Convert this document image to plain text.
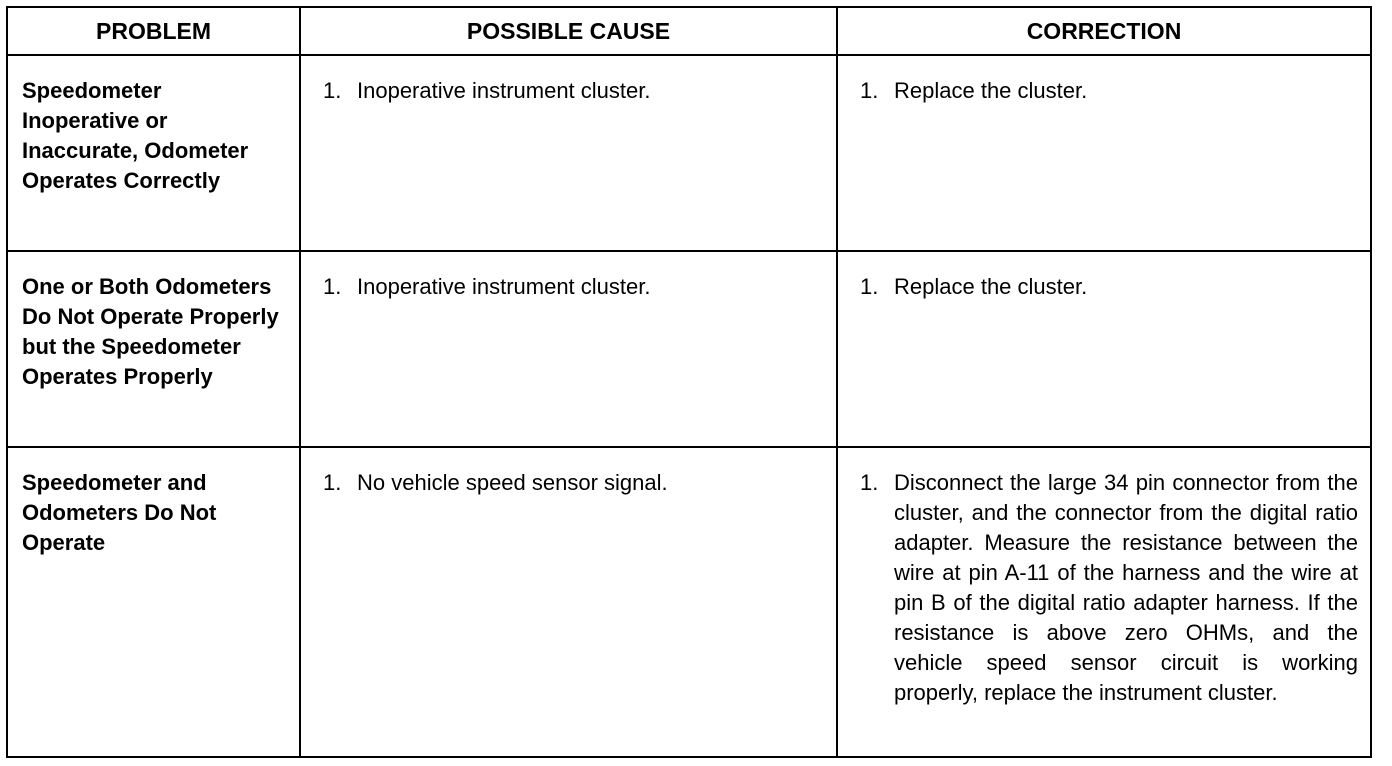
PROBLEM	POSSIBLE CAUSE	CORRECTION

Speedometer Inoperative or Inaccurate, Odometer Operates Correctly	1. Inoperative instrument cluster.	1. Replace the cluster.

One or Both Odometers Do Not Operate Properly but the Speedometer Operates Properly	1. Inoperative instrument cluster.	1. Replace the cluster.

Speedometer and Odometers Do Not Operate	1. No vehicle speed sensor signal.	1. Disconnect the large 34 pin connector from the cluster, and the connector from the digital ratio adapter. Measure the resistance between the wire at pin A-11 of the harness and the wire at pin B of the digital ratio adapter harness. If the resistance is above zero OHMs, and the vehicle speed sensor circuit is working properly, replace the instrument cluster.
